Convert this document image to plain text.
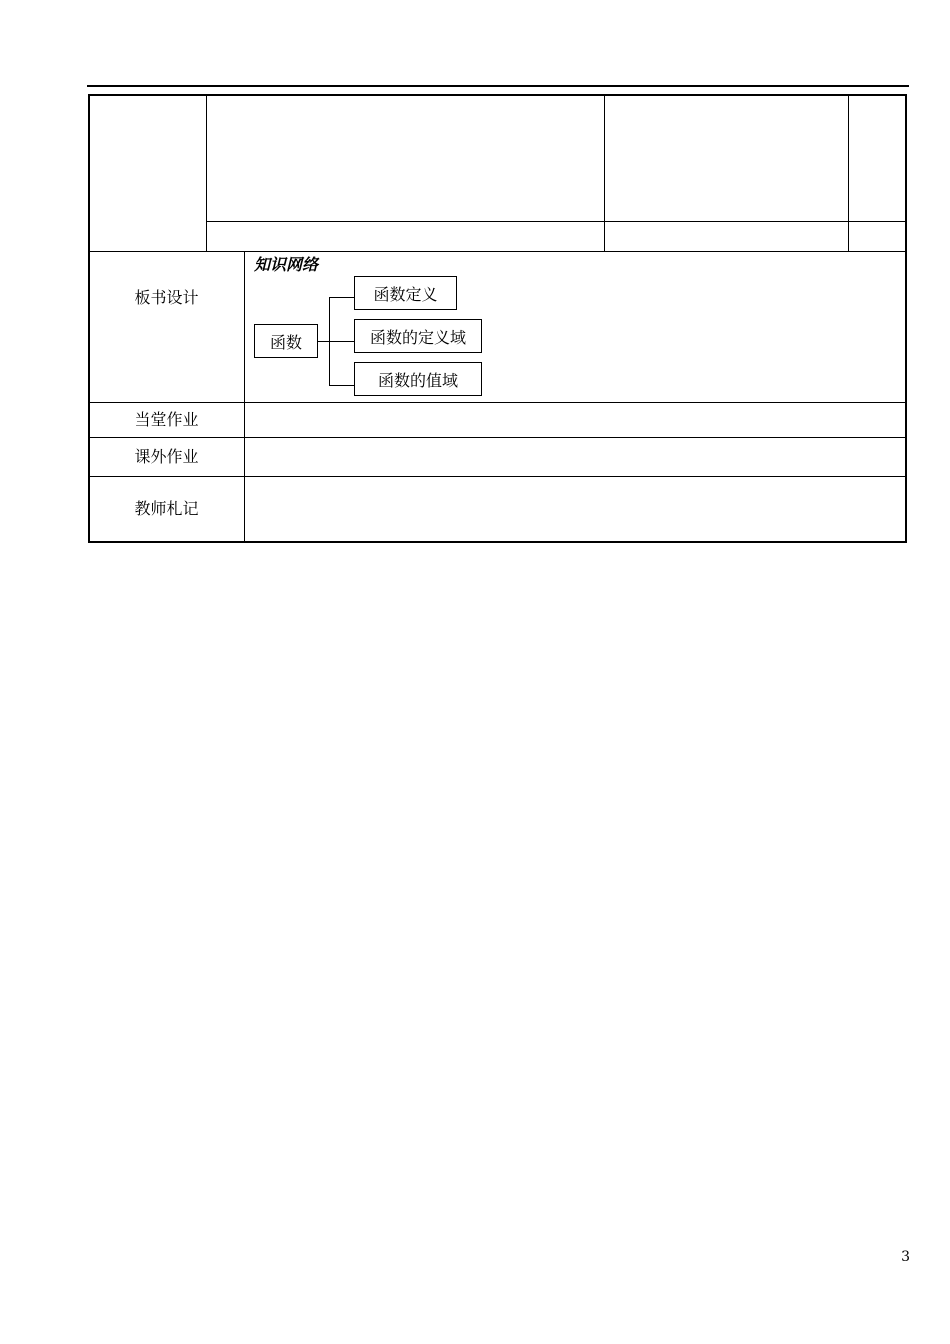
板书设计
当堂作业
课外作业
教师札记
知识网络
函数
函数定义
函数的定义域
函数的值域
3
